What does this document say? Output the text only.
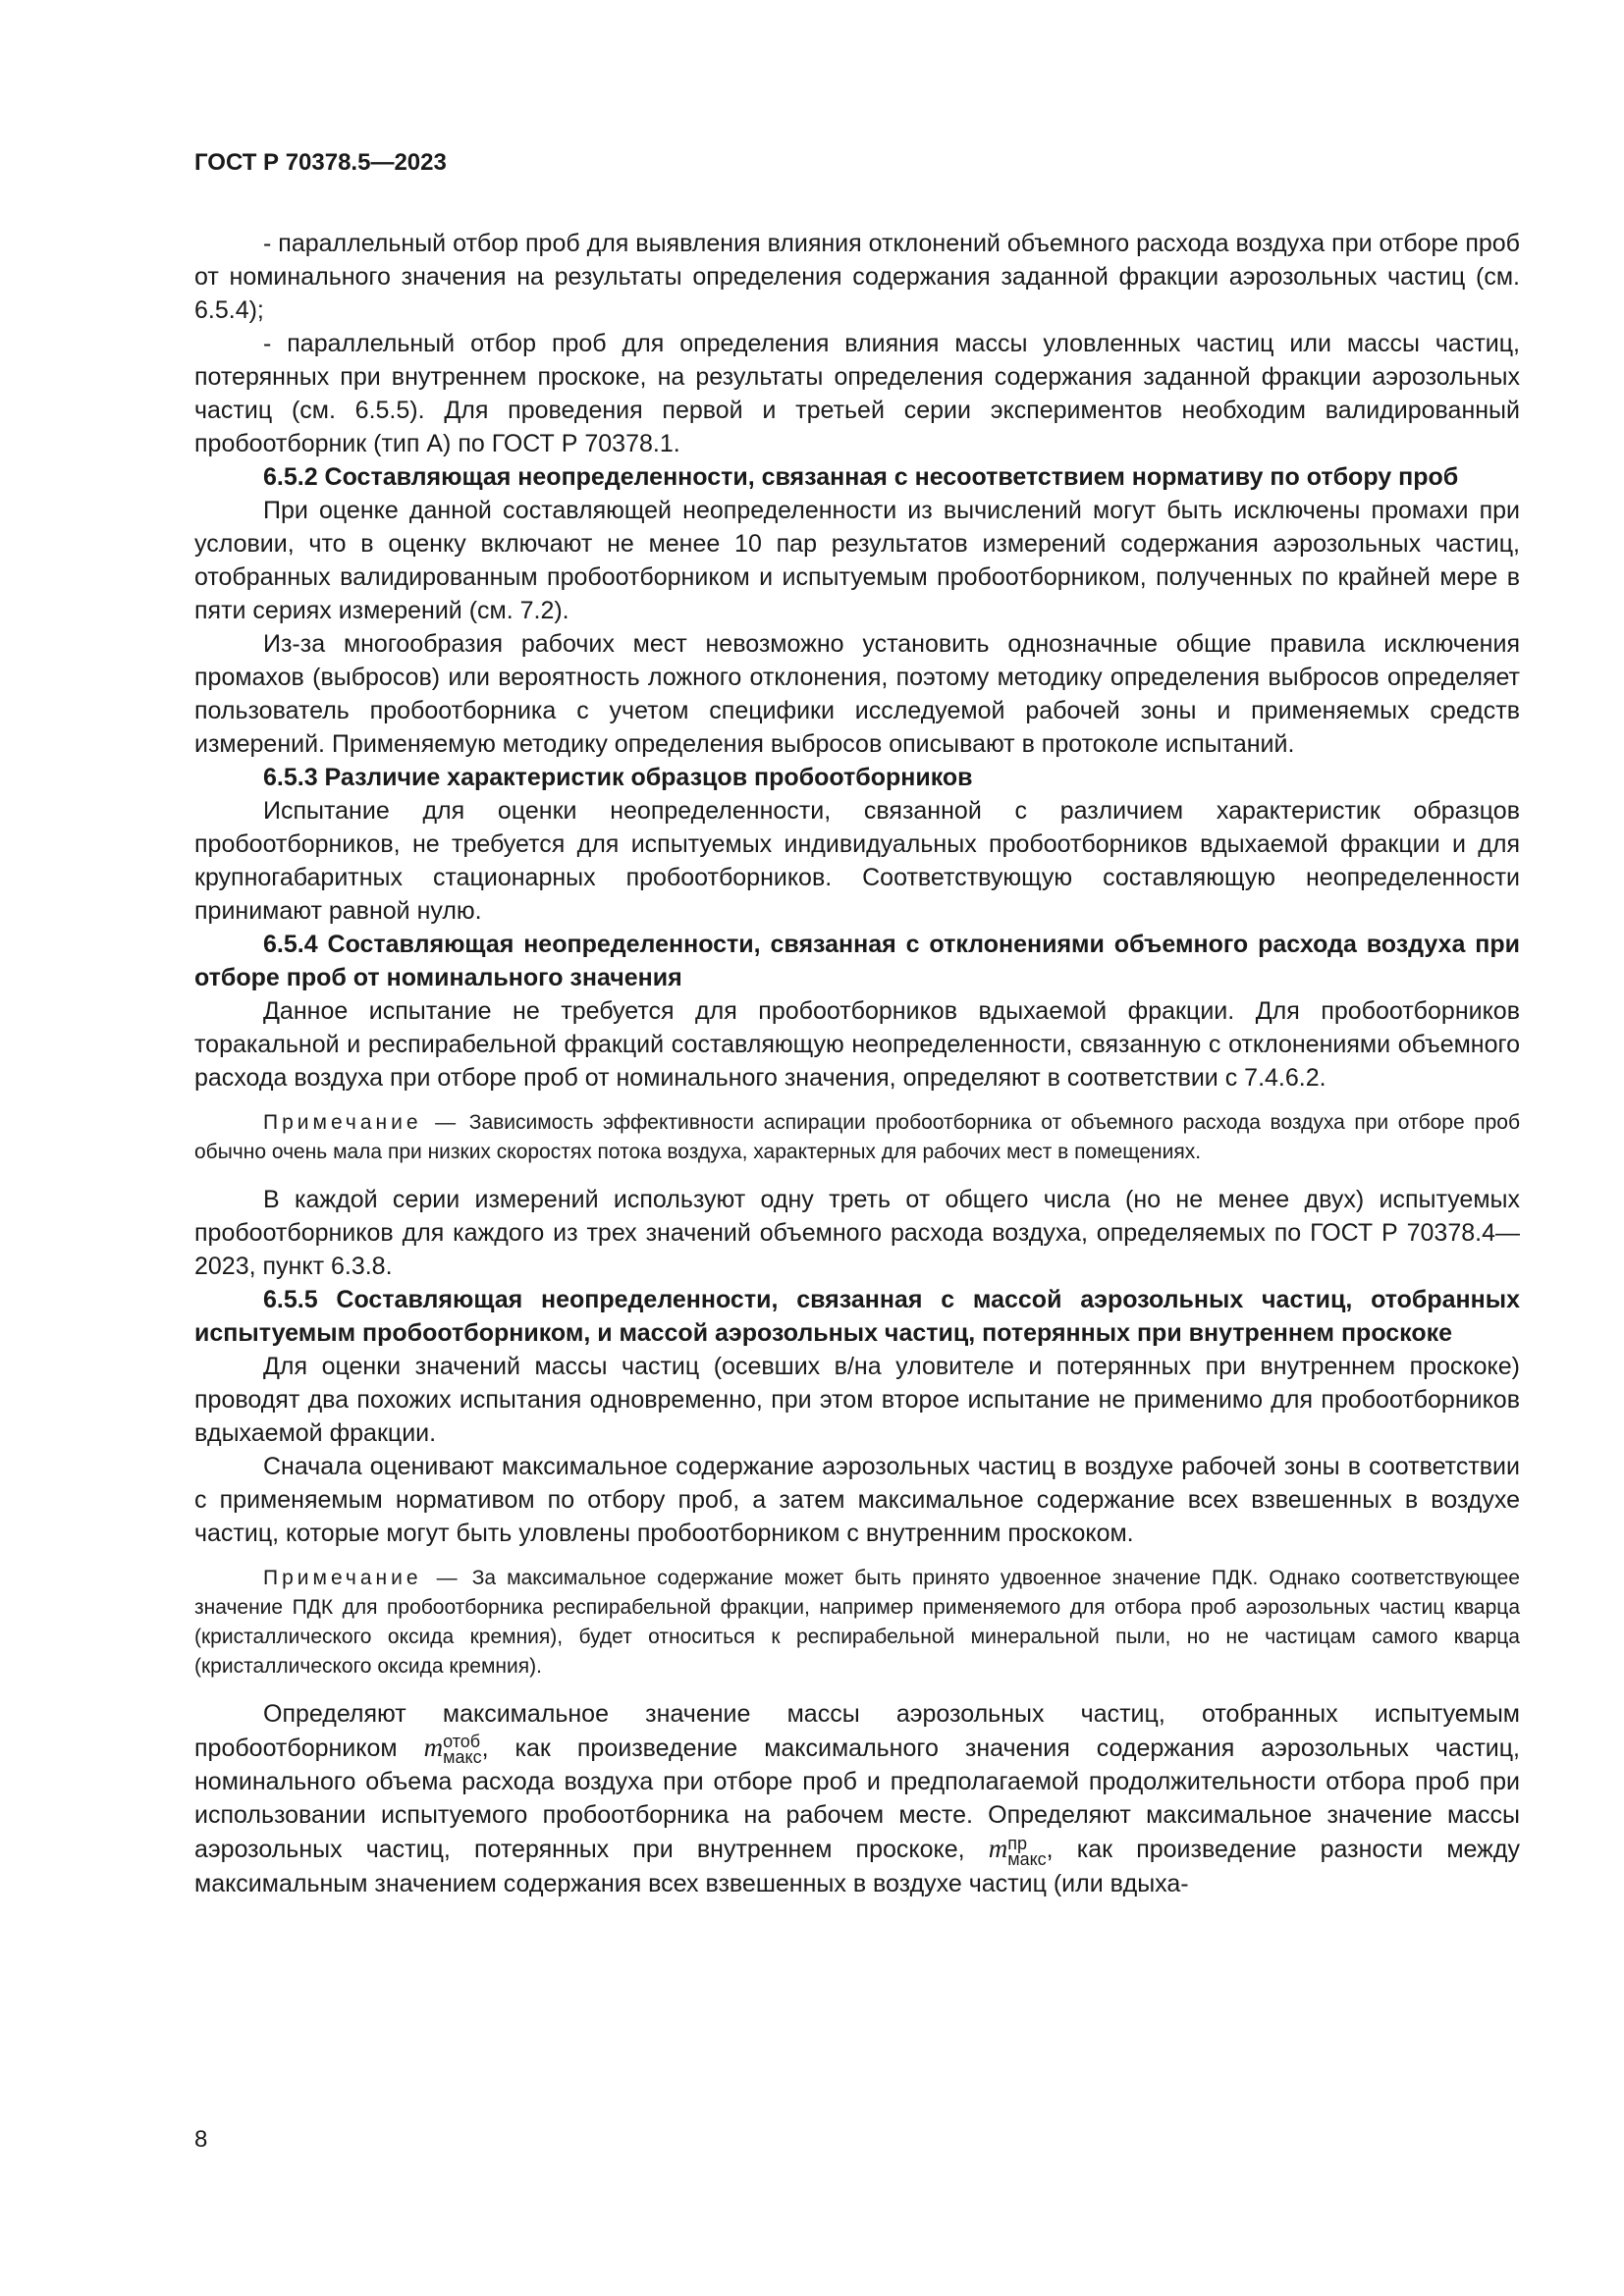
ГОСТ Р 70378.5—2023

- параллельный отбор проб для выявления влияния отклонений объемного расхода воздуха при отборе проб от номинального значения на результаты определения содержания заданной фракции аэрозольных частиц (см. 6.5.4);

- параллельный отбор проб для определения влияния массы уловленных частиц или массы частиц, потерянных при внутреннем проскоке, на результаты определения содержания заданной фракции аэрозольных частиц (см. 6.5.5). Для проведения первой и третьей серии экспериментов необходим валидированный пробоотборник (тип А) по ГОСТ Р 70378.1.

6.5.2 Составляющая неопределенности, связанная с несоответствием нормативу по отбору проб

При оценке данной составляющей неопределенности из вычислений могут быть исключены промахи при условии, что в оценку включают не менее 10 пар результатов измерений содержания аэрозольных частиц, отобранных валидированным пробоотборником и испытуемым пробоотборником, полученных по крайней мере в пяти сериях измерений (см. 7.2).

Из-за многообразия рабочих мест невозможно установить однозначные общие правила исключения промахов (выбросов) или вероятность ложного отклонения, поэтому методику определения выбросов определяет пользователь пробоотборника с учетом специфики исследуемой рабочей зоны и применяемых средств измерений. Применяемую методику определения выбросов описывают в протоколе испытаний.

6.5.3 Различие характеристик образцов пробоотборников

Испытание для оценки неопределенности, связанной с различием характеристик образцов пробоотборников, не требуется для испытуемых индивидуальных пробоотборников вдыхаемой фракции и для крупногабаритных стационарных пробоотборников. Соответствующую составляющую неопределенности принимают равной нулю.

6.5.4 Составляющая неопределенности, связанная с отклонениями объемного расхода воздуха при отборе проб от номинального значения

Данное испытание не требуется для пробоотборников вдыхаемой фракции. Для пробоотборников торакальной и респирабельной фракций составляющую неопределенности, связанную с отклонениями объемного расхода воздуха при отборе проб от номинального значения, определяют в соответствии с 7.4.6.2.

Примечание — Зависимость эффективности аспирации пробоотборника от объемного расхода воздуха при отборе проб обычно очень мала при низких скоростях потока воздуха, характерных для рабочих мест в помещениях.

В каждой серии измерений используют одну треть от общего числа (но не менее двух) испытуемых пробоотборников для каждого из трех значений объемного расхода воздуха, определяемых по ГОСТ Р 70378.4—2023, пункт 6.3.8.

6.5.5 Составляющая неопределенности, связанная с массой аэрозольных частиц, отобранных испытуемым пробоотборником, и массой аэрозольных частиц, потерянных при внутреннем проскоке

Для оценки значений массы частиц (осевших в/на уловителе и потерянных при внутреннем проскоке) проводят два похожих испытания одновременно, при этом второе испытание не применимо для пробоотборников вдыхаемой фракции.

Сначала оценивают максимальное содержание аэрозольных частиц в воздухе рабочей зоны в соответствии с применяемым нормативом по отбору проб, а затем максимальное содержание всех взвешенных в воздухе частиц, которые могут быть уловлены пробоотборником с внутренним проскоком.

Примечание — За максимальное содержание может быть принято удвоенное значение ПДК. Однако соответствующее значение ПДК для пробоотборника респирабельной фракции, например применяемого для отбора проб аэрозольных частиц кварца (кристаллического оксида кремния), будет относиться к респирабельной минеральной пыли, но не частицам самого кварца (кристаллического оксида кремния).

Определяют максимальное значение массы аэрозольных частиц, отобранных испытуемым пробоотборником m отоб
макс , как произведение максимального значения содержания аэрозольных частиц, номинального объема расхода воздуха при отборе проб и предполагаемой продолжительности отбора проб при использовании испытуемого пробоотборника на рабочем месте. Определяют максимальное значение массы аэрозольных частиц, потерянных при внутреннем проскоке, m пр
макс , как произведение разности между максимальным значением содержания всех взвешенных в воздухе частиц (или вдыха-

8
